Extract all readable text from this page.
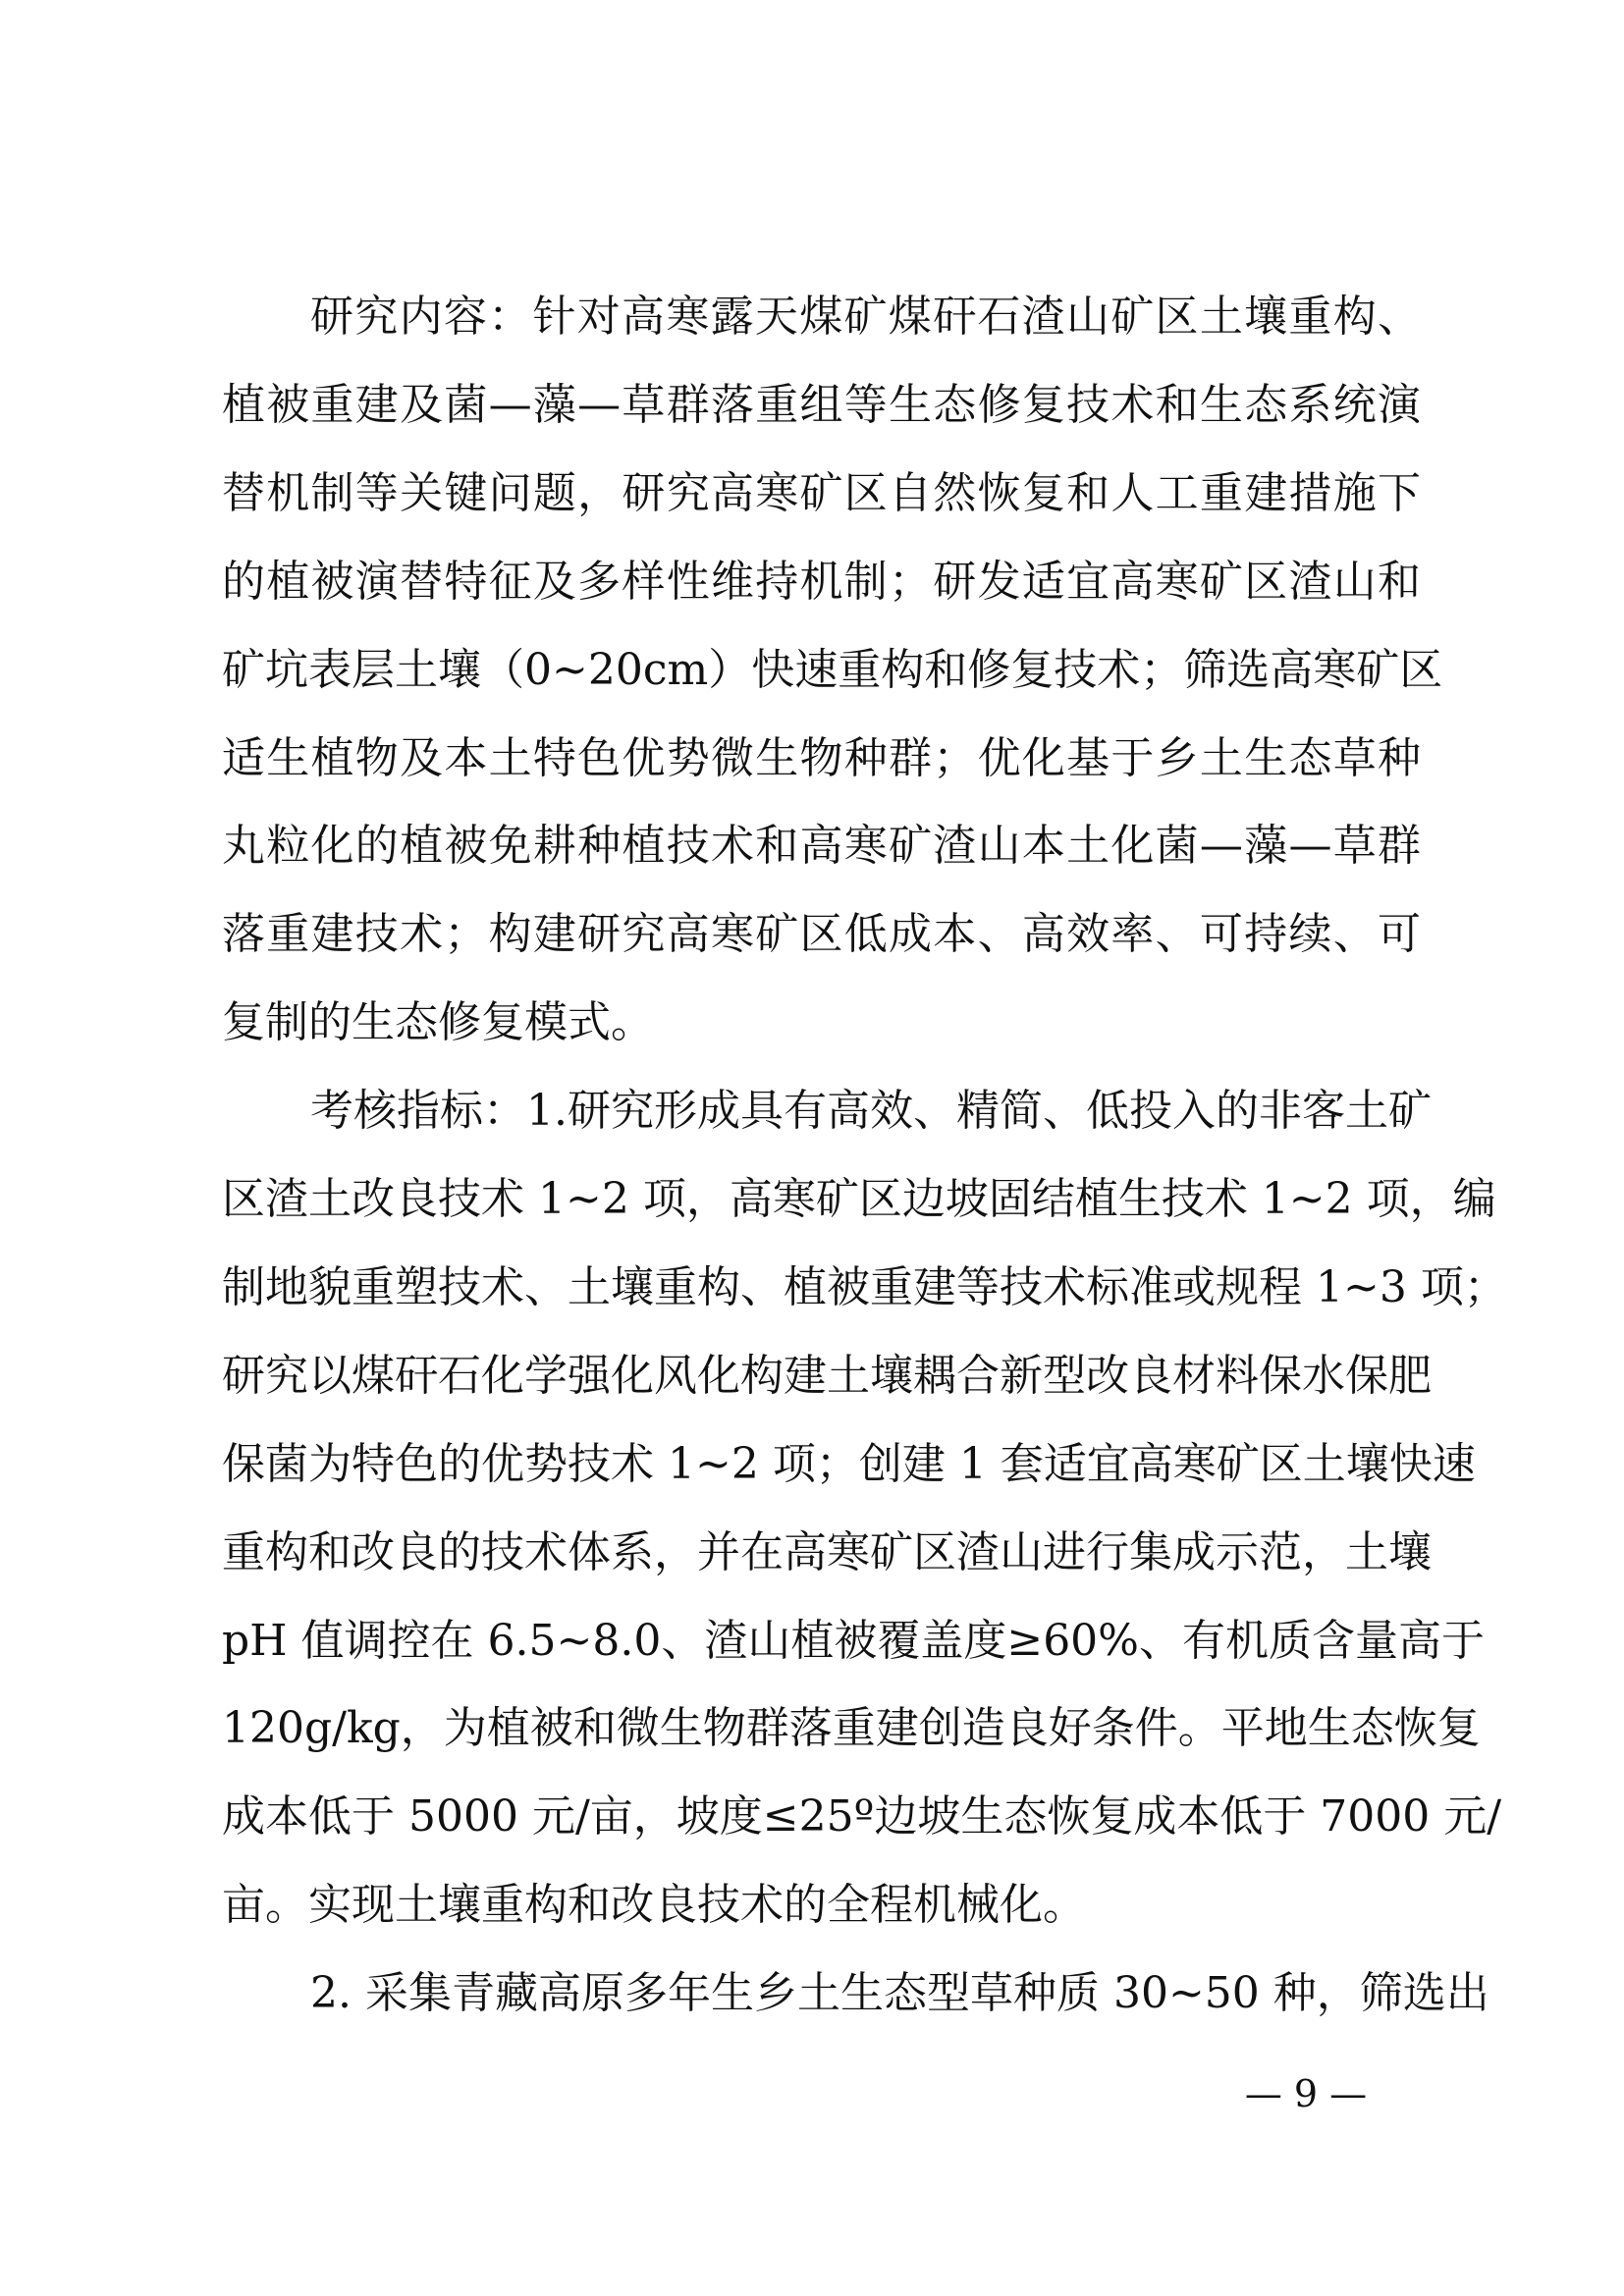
研究内容：针对高寒露天煤矿煤矸石渣山矿区土壤重构、
植被重建及菌—藻—草群落重组等生态修复技术和生态系统演
替机制等关键问题，研究高寒矿区自然恢复和人工重建措施下
的植被演替特征及多样性维持机制；研发适宜高寒矿区渣山和
矿坑表层土壤（0~20cm）快速重构和修复技术；筛选高寒矿区
适生植物及本土特色优势微生物种群；优化基于乡土生态草种
丸粒化的植被免耕种植技术和高寒矿渣山本土化菌—藻—草群
落重建技术；构建研究高寒矿区低成本、高效率、可持续、可
复制的生态修复模式。
考核指标：1.研究形成具有高效、精简、低投入的非客土矿
区渣土改良技术 1~2 项，高寒矿区边坡固结植生技术 1~2 项，编
制地貌重塑技术、土壤重构、植被重建等技术标准或规程 1~3 项；
研究以煤矸石化学强化风化构建土壤耦合新型改良材料保水保肥
保菌为特色的优势技术 1~2 项；创建 1 套适宜高寒矿区土壤快速
重构和改良的技术体系，并在高寒矿区渣山进行集成示范，土壤
pH 值调控在 6.5~8.0、渣山植被覆盖度≥60%、有机质含量高于
120g/kg，为植被和微生物群落重建创造良好条件。平地生态恢复
成本低于 5000 元/亩，坡度≤25º边坡生态恢复成本低于 7000 元/
亩。实现土壤重构和改良技术的全程机械化。
2. 采集青藏高原多年生乡土生态型草种质 30~50 种，筛选出
— 9 —
